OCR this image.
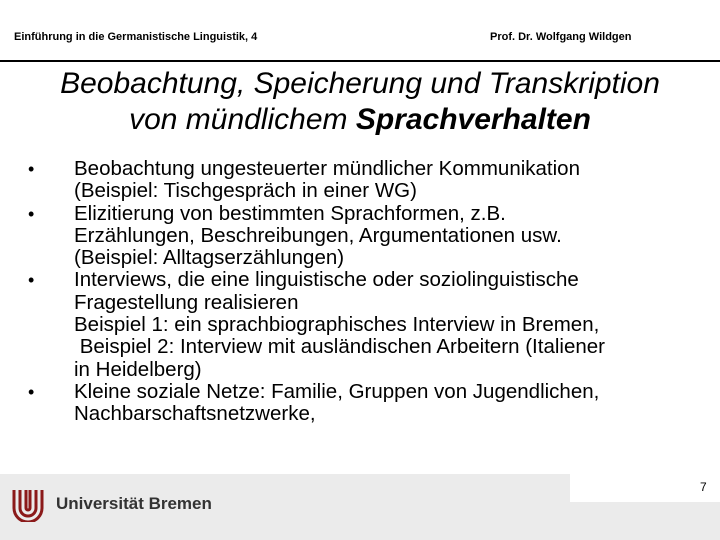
Einführung in die Germanistische Linguistik, 4	Prof. Dr. Wolfgang Wildgen
Beobachtung, Speicherung und Transkription
von mündlichem Sprachverhalten
• Beobachtung ungesteuerter mündlicher Kommunikation
(Beispiel: Tischgespräch in einer WG)
• Elizitierung von bestimmten Sprachformen, z.B.
Erzählungen, Beschreibungen, Argumentationen usw.
(Beispiel: Alltagserzählungen)
• Interviews, die eine linguistische oder soziolinguistische
Fragestellung realisieren
Beispiel 1: ein sprachbiographisches Interview in Bremen,
Beispiel 2: Interview mit ausländischen Arbeitern (Italiener
in Heidelberg)
• Kleine soziale Netze: Familie, Gruppen von Jugendlichen,
Nachbarschaftsnetzwerke,
7
Universität Bremen
